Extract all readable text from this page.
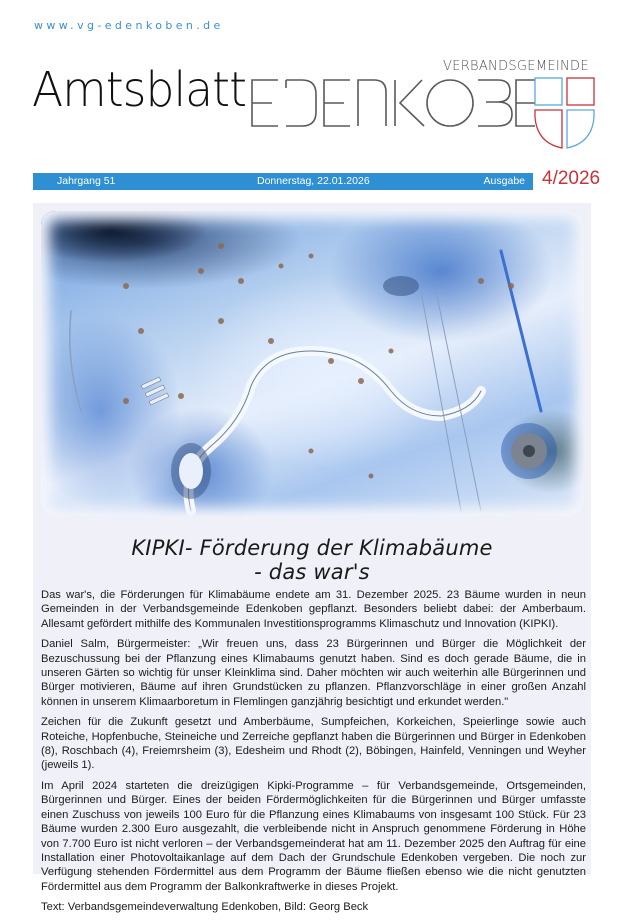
www.vg-edenkoben.de
Amtsblatt	VERBANDSGEMEINDE
Jahrgang 51	Donnerstag, 22.01.2026	Ausgabe 4/2026
KIPKI- Förderung der Klimabäume
- das war's

Das war's, die Förderungen für Klimabäume endete am 31. Dezember 2025. 23 Bäume wurden in neun Gemeinden in der Verbandsgemeinde Edenkoben gepflanzt. Besonders beliebt dabei: der Amberbaum. Allesamt gefördert mithilfe des Kommunalen Investitionsprogramms Klimaschutz und Innovation (KIPKI).

Daniel Salm, Bürgermeister: „Wir freuen uns, dass 23 Bürgerinnen und Bürger die Möglichkeit der Bezuschussung bei der Pflanzung eines Klimabaums genutzt haben. Sind es doch gerade Bäume, die in unseren Gärten so wichtig für unser Kleinklima sind. Daher möchten wir auch weiterhin alle Bürgerinnen und Bürger motivieren, Bäume auf ihren Grundstücken zu pflanzen. Pflanzvorschläge in einer großen Anzahl können in unserem Klimaarboretum in Flemlingen ganzjährig besichtigt und erkundet werden."

Zeichen für die Zukunft gesetzt und Amberbäume, Sumpfeichen, Korkeichen, Speierlinge sowie auch Roteiche, Hopfenbuche, Steineiche und Zerreiche gepflanzt haben die Bürgerinnen und Bürger in Edenkoben (8), Roschbach (4), Freiemrsheim (3), Edesheim und Rhodt (2), Böbingen, Hainfeld, Venningen und Weyher (jeweils 1).

Im April 2024 starteten die dreizügigen Kipki-Programme – für Verbandsgemeinde, Ortsgemeinden, Bürgerinnen und Bürger. Eines der beiden Fördermöglichkeiten für die Bürgerinnen und Bürger umfasste einen Zuschuss von jeweils 100 Euro für die Pflanzung eines Klimabaums von insgesamt 100 Stück. Für 23 Bäume wurden 2.300 Euro ausgezahlt, die verbleibende nicht in Anspruch genommene Förderung in Höhe von 7.700 Euro ist nicht verloren – der Verbandsgemeinderat hat am 11. Dezember 2025 den Auftrag für eine Installation einer Photovoltaikanlage auf dem Dach der Grundschule Edenkoben vergeben. Die noch zur Verfügung stehenden Fördermittel aus dem Programm der Bäume fließen ebenso wie die nicht genutzten Fördermittel aus dem Programm der Balkonkraftwerke in dieses Projekt.

Text: Verbandsgemeindeverwaltung Edenkoben, Bild: Georg Beck
